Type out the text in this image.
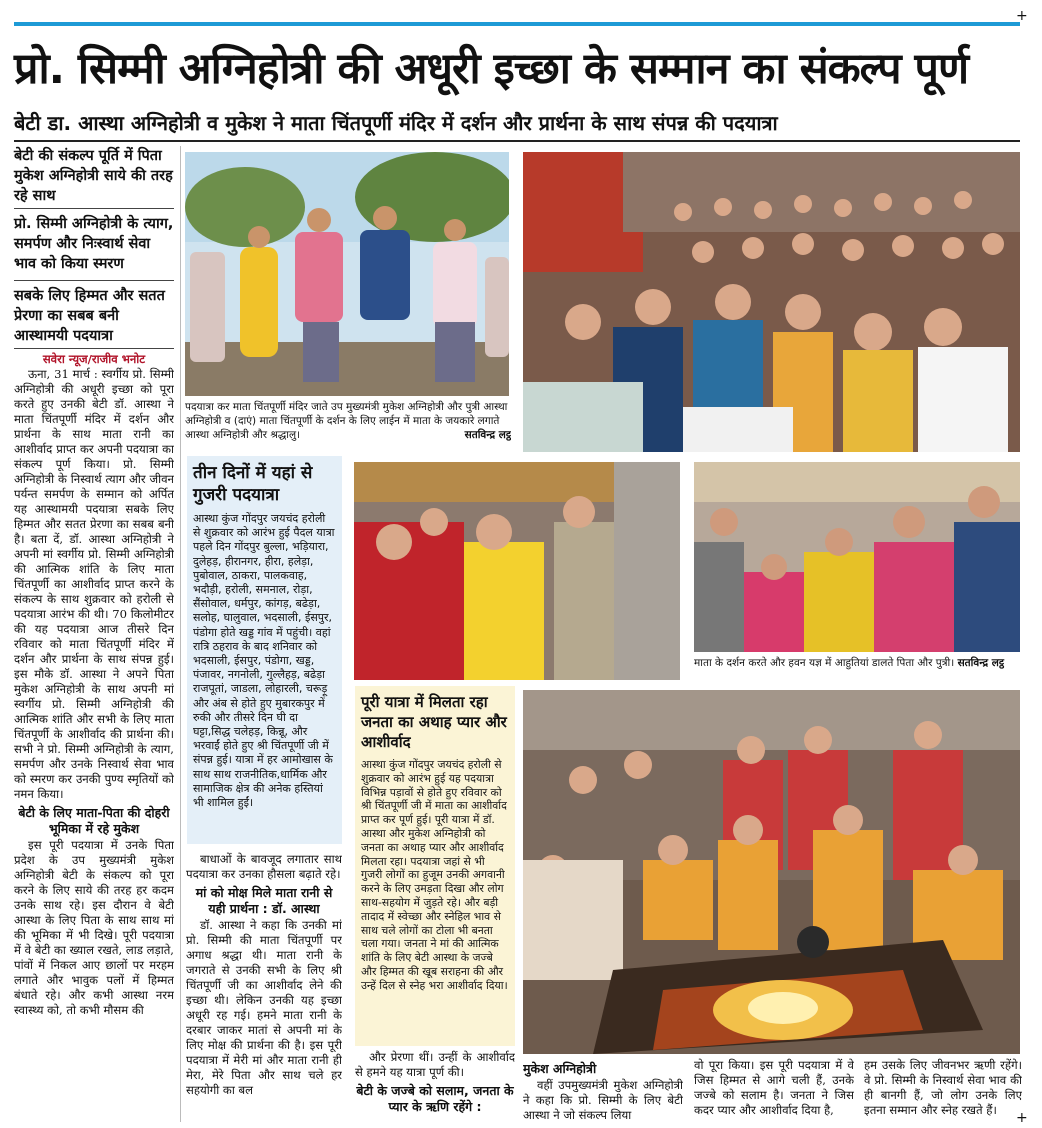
+
+
प्रो. सिम्मी अग्निहोत्री की अधूरी इच्छा के सम्मान का संकल्प पूर्ण
बेटी डा. आस्था अग्निहोत्री व मुकेश ने माता चिंतपूर्णी मंदिर में दर्शन और प्रार्थना के साथ संपन्न की पदयात्रा
बेटी की संकल्प पूर्ति में पिता मुकेश अग्निहोत्री साये की तरह रहे साथ
प्रो. सिम्मी अग्निहोत्री के त्याग, समर्पण और निःस्वार्थ सेवा भाव को किया स्मरण
सबके लिए हिम्मत और सतत प्रेरणा का सबब बनी आस्थामयी पदयात्रा

सवेरा न्यूज/राजीव भनोट

ऊना, 31 मार्च : स्वर्गीय प्रो. सिम्मी अग्निहोत्री की अधूरी इच्छा को पूरा करते हुए उनकी बेटी डॉ. आस्था ने माता चिंतपूर्णी मंदिर में दर्शन और प्रार्थना के साथ माता रानी का आशीर्वाद प्राप्त कर अपनी पदयात्रा का संकल्प पूर्ण किया। प्रो. सिम्मी अग्निहोत्री के निस्वार्थ त्याग और जीवन पर्यन्त समर्पण के सम्मान को अर्पित यह आस्थामयी पदयात्रा सबके लिए हिम्मत और सतत प्रेरणा का सबब बनी है। बता दें, डॉ. आस्था अग्निहोत्री ने अपनी मां स्वर्गीय प्रो. सिम्मी अग्निहोत्री की आत्मिक शांति के लिए माता चिंतपूर्णी का आशीर्वाद प्राप्त करने के संकल्प के साथ शुक्रवार को हरोली से पदयात्रा आरंभ की थी। 70 किलोमीटर की यह पदयात्रा आज तीसरे दिन रविवार को माता चिंतपूर्णी मंदिर में दर्शन और प्रार्थना के साथ संपन्न हुई। इस मौके डॉ. आस्था ने अपने पिता मुकेश अग्निहोत्री के साथ अपनी मां स्वर्गीय प्रो. सिम्मी अग्निहोत्री की आत्मिक शांति और सभी के लिए माता चिंतपूर्णी के आशीर्वाद की प्रार्थना की। सभी ने प्रो. सिम्मी अग्निहोत्री के त्याग, समर्पण और उनके निस्वार्थ सेवा भाव को स्मरण कर उनकी पुण्य स्मृतियों को नमन किया।

बेटी के लिए माता-पिता की दोहरी भूमिका में रहे मुकेश

इस पूरी पदयात्रा में उनके पिता प्रदेश के उप मुख्यमंत्री मुकेश अग्निहोत्री बेटी के संकल्प को पूरा करने के लिए साये की तरह हर कदम उनके साथ रहे। इस दौरान वे बेटी आस्था के लिए पिता के साथ साथ मां की भूमिका में भी दिखे। पूरी पदयात्रा में वे बेटी का ख्याल रखते, लाड लड़ाते, पांवों में निकल आए छालों पर मरहम लगाते और भावुक पलों में हिम्मत बंधाते रहे। और कभी आस्था नरम स्वास्थ्य को, तो कभी मौसम की

पदयात्रा कर माता चिंतपूर्णी मंदिर जाते उप मुख्यमंत्री मुकेश अग्निहोत्री और पुत्री आस्था अग्निहोत्री व (दाएं) माता चिंतपूर्णी के दर्शन के लिए लाईन में माता के जयकारे लगाते आस्था अग्निहोत्री और श्रद्धालु।	सतविन्द्र लट्ठ
तीन दिनों में यहां से गुजरी पदयात्रा
आस्था कुंज गोंदपुर जयचंद हरोली से शुक्रवार को आरंभ हुई पैदल यात्रा पहले दिन गोंदपुर बुल्ला, भड़ियारा, दुलेहड़, हीरानगर, हीरा, हलेड़ा, पुबोवाल, ठाकरा, पालकवाह, भदौड़ी, हरोली, समनाल, रोड़ा, सैंसोवाल, धर्मपुर, कांगड़, बढेड़ा, सलोह, घालुवाल, भदसाली, ईसपुर, पंडोगा होते खड्ड गांव में पहुंची। वहां रात्रि ठहराव के बाद शनिवार को भदसाली, ईसपुर, पंडोगा, खड्ड, पंजावर, नगनोली, गुल्लैहड़, बढेड़ा राजपूतां, जाडला, लोहारली, चरूड़ू और अंब से होते हुए मुबारकपुर में रुकी और तीसरे दिन घी दा घट्टा,सिद्ध चलेहड़, किन्नू, और भरवाईं होते हुए श्री चिंतपूर्णी जी में संपन्न हुई। यात्रा में हर आमोखास के साथ साथ राजनीतिक,धार्मिक और सामाजिक क्षेत्र की अनेक हस्तियां भी शामिल हुईं।

बाधाओं के बावजूद लगातार साथ पदयात्रा कर उनका हौसला बढ़ाते रहे।

मां को मोक्ष मिले माता रानी से यही प्रार्थना : डॉ. आस्था

डॉ. आस्था ने कहा कि उनकी मां प्रो. सिम्मी की माता चिंतपूर्णी पर अगाध श्रद्धा थी। माता रानी के जगराते से उनकी सभी के लिए श्री चिंतपूर्णी जी का आशीर्वाद लेने की इच्छा थी। लेकिन उनकी यह इच्छा अधूरी रह गई। हमने माता रानी के दरबार जाकर मातां से अपनी मां के लिए मोक्ष की प्रार्थना की है। इस पूरी पदयात्रा में मेरी मां और माता रानी ही मेरा, मेरे पिता और साथ चले हर सहयोगी का बल

माता के दर्शन करते और हवन यज्ञ में आहुतियां डालते पिता और पुत्री। सतविन्द्र लट्ठ
पूरी यात्रा में मिलता रहा जनता का अथाह प्यार और आशीर्वाद
आस्था कुंज गोंदपुर जयचंद हरोली से शुक्रवार को आरंभ हुई यह पदयात्रा विभिन्न पड़ावों से होते हुए रविवार को श्री चिंतपूर्णी जी में माता का आशीर्वाद प्राप्त कर पूर्ण हुई। पूरी यात्रा में डॉ. आस्था और मुकेश अग्निहोत्री को जनता का अथाह प्यार और आशीर्वाद मिलता रहा। पदयात्रा जहां से भी गुजरी लोगों का हुजूम उनकी अगवानी करने के लिए उमड़ता दिखा और लोग साथ-सहयोग में जुड़ते रहे। और बड़ी तादाद में स्वेच्छा और स्नेहिल भाव से साथ चले लोगों का टोला भी बनता चला गया। जनता ने मां की आत्मिक शांति के लिए बेटी आस्था के जज्बे और हिम्मत की खूब सराहना की और उन्हें दिल से स्नेह भरा आशीर्वाद दिया।

और प्रेरणा थीं। उन्हीं के आशीर्वाद से हमने यह यात्रा पूर्ण की।

बेटी के जज्बे को सलाम, जनता के प्यार के ऋणि रहेंगे :
मुकेश अग्निहोत्री

वहीं उपमुख्यमंत्री मुकेश अग्निहोत्री ने कहा कि प्रो. सिम्मी के लिए बेटी आस्था ने जो संकल्प लिया

वो पूरा किया। इस पूरी पदयात्रा में वे जिस हिम्मत से आगे चली हैं, उनके जज्बे को सलाम है। जनता ने जिस कदर प्यार और आशीर्वाद दिया है,

हम उसके लिए जीवनभर ऋणी रहेंगे। वे प्रो. सिम्मी के निस्वार्थ सेवा भाव की ही बानगी हैं, जो लोग उनके लिए इतना सम्मान और स्नेह रखते हैं।
